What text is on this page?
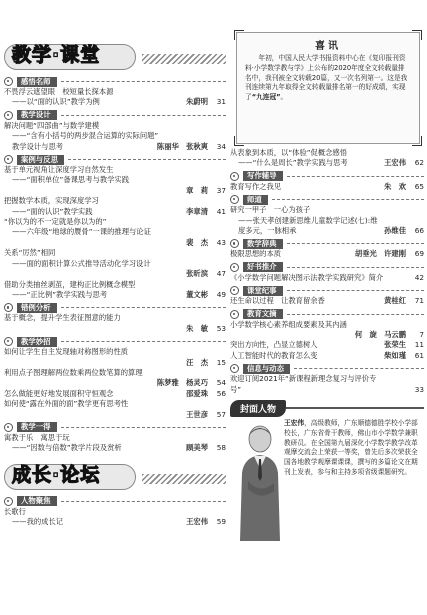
教学·课堂
感悟名师
不畏浮云遮望眼　校短量长探本源
——以“面的认识”教学为例	朱蔚明	31
教学设计
解决问题“四部曲”与数学建模
——“含有小括号的两步混合运算的实际问题”
教学设计与思考	陈丽华　张秋爽	34
案例与反思
基于单元视角让深度学习自然发生
——“面积单位”备课思考与教学实践
章　莉	37
把握数学本质，实现深度学习
——“面的认识”教学实践	李章清	41
“你以为的不一定就是你以为的”
——六年级“地球的赝骨”一课的推理与论证
裴　杰	43
关系“厉然”相同
——面的面积计算公式推导活动化学习设计
张昕滨	47
借助分类抽丝剥茧，建构正比例概念模型
——“正比例”教学实践与思考	董文彬	49
错例分析
基于概念，提升学生表征图意的能力
朱　敏	53
教学妙招
如何让学生自主发现轴对称图形的性质
汪　杰	15
利用点子图理解两位数乘两位数笔算的算理
陈梦雅　杨灵巧	54
怎么做能更好地发展面积守恒观念	邵爱珠	56
如何使“露在外面的面”教学更有思考性
王世彦	57
教学一得
寓教于乐　寓思于玩
——“因数与倍数”教学片段及赏析	顾美琴	58
成长·论坛
人物聚焦
长歌行
——我的成长记	王宏伟	59
喜讯
年初，中国人民大学书报资料中心在《复印报刊资料·小学数学教与学》上公布的2020年度全文转载量排名中，我刊被全文转载20篇，又一次名列第一。这是我刊连续第九年取得全文转载量排名第一的好成绩，实现了“九连冠”。
从表象到本质，以“体验”促概念感悟
——“什么是周长”教学实践与思考	王宏伟	62
写作辅导
教育写作之我见	朱　欢	65
师道
研究一甲子　一心为孩子
——张天孝创建新思维儿童数学记述(七):维
度多元，一脉相承	孙维佳	66
数学辞典
极限思想的本质	胡垂光　许建刚	69
好书推介
《小学数学问题解决图示法教学实践研究》简介	42
课堂纪事
还生命以过程　让教育留余香	黄桂红	71
教育文摘
小学数学核心素养组成要素及其内涵
何　旋　马云鹏	7
突出方向性，凸显立德树人	张荣生	11
人工智能时代的教育怎么变	柴如瑾	61
信息与动态
欢迎订阅2021年“新课程新理念复习与评价专
号”	33
封面人物
王宏伟，高级教师，广东顺德德胜学校小学部校长，广东省骨干教师，佛山市小学数学兼职教研员。在全国第九届深化小学数学教学改革观摩交流会上荣获一等奖，曾先后多次荣获全国各地教学观摩课课课，撰写的多篇论文在期刊上发表，参与和主持多项省级课题研究。
